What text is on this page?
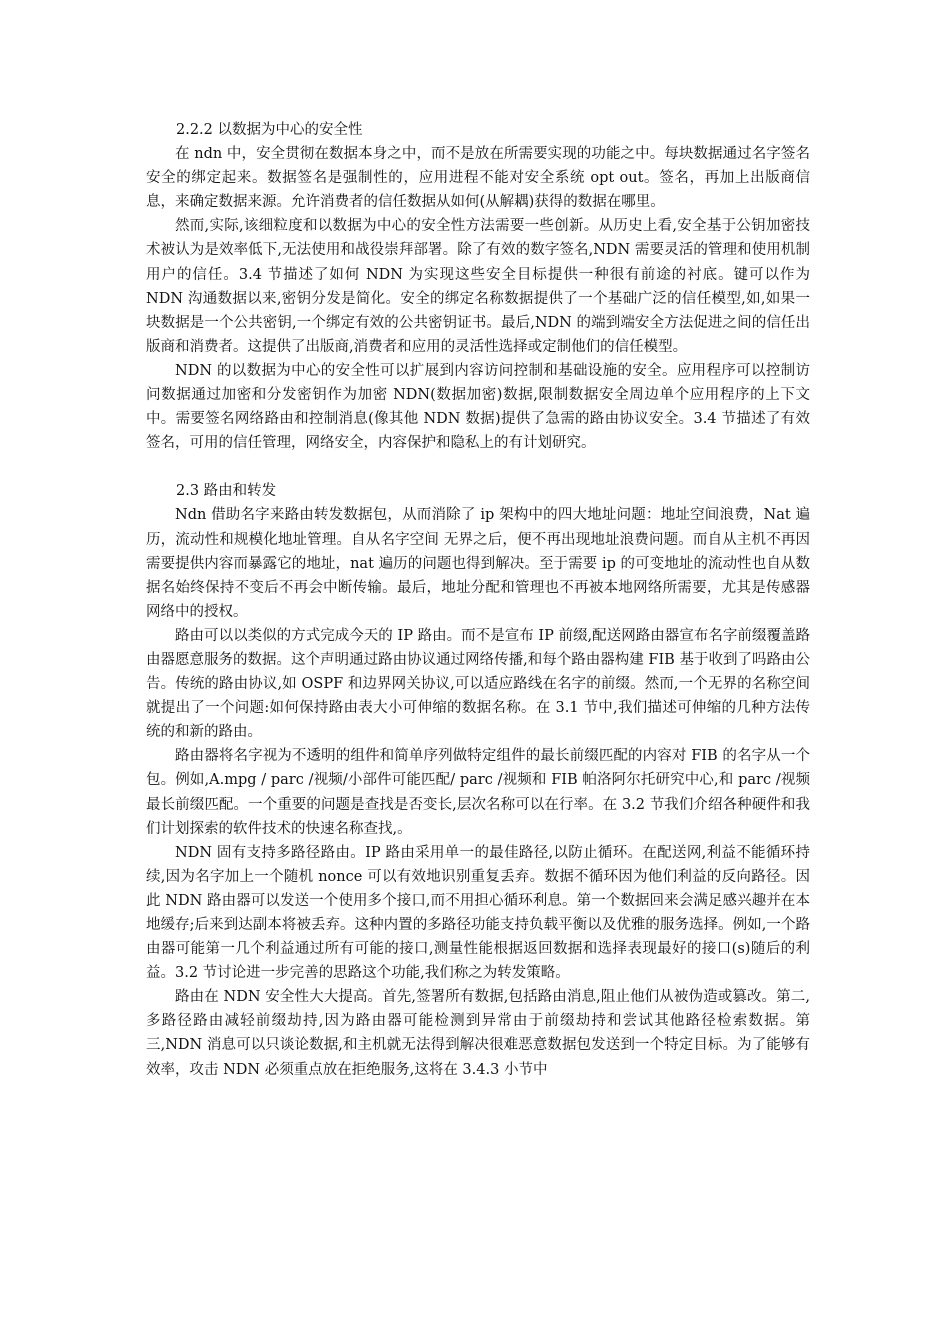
2.2.2 以数据为中心的安全性

在 ndn 中，安全贯彻在数据本身之中，而不是放在所需要实现的功能之中。每块数据通过名字签名安全的绑定起来。数据签名是强制性的，应用进程不能对安全系统 opt out。签名，再加上出版商信息，来确定数据来源。允许消费者的信任数据从如何(从解耦)获得的数据在哪里。

然而,实际,该细粒度和以数据为中心的安全性方法需要一些创新。从历史上看,安全基于公钥加密技术被认为是效率低下,无法使用和战役崇拜部署。除了有效的数字签名,NDN 需要灵活的管理和使用机制用户的信任。3.4 节描述了如何 NDN 为实现这些安全目标提供一种很有前途的衬底。键可以作为 NDN 沟通数据以来,密钥分发是简化。安全的绑定名称数据提供了一个基础广泛的信任模型,如,如果一块数据是一个公共密钥,一个绑定有效的公共密钥证书。最后,NDN 的端到端安全方法促进之间的信任出版商和消费者。这提供了出版商,消费者和应用的灵活性选择或定制他们的信任模型。

NDN 的以数据为中心的安全性可以扩展到内容访问控制和基础设施的安全。应用程序可以控制访问数据通过加密和分发密钥作为加密 NDN(数据加密)数据,限制数据安全周边单个应用程序的上下文中。需要签名网络路由和控制消息(像其他 NDN 数据)提供了急需的路由协议安全。3.4 节描述了有效签名，可用的信任管理，网络安全，内容保护和隐私上的有计划研究。

2.3 路由和转发

Ndn 借助名字来路由转发数据包，从而消除了 ip 架构中的四大地址问题：地址空间浪费，Nat 遍历，流动性和规模化地址管理。自从名字空间 无界之后，便不再出现地址浪费问题。而自从主机不再因需要提供内容而暴露它的地址，nat 遍历的问题也得到解决。至于需要 ip 的可变地址的流动性也自从数据名始终保持不变后不再会中断传输。最后，地址分配和管理也不再被本地网络所需要，尤其是传感器网络中的授权。

路由可以以类似的方式完成今天的 IP 路由。而不是宣布 IP 前缀,配送网路由器宣布名字前缀覆盖路由器愿意服务的数据。这个声明通过路由协议通过网络传播,和每个路由器构建 FIB 基于收到了吗路由公告。传统的路由协议,如 OSPF 和边界网关协议,可以适应路线在名字的前缀。然而,一个无界的名称空间就提出了一个问题:如何保持路由表大小可伸缩的数据名称。在 3.1 节中,我们描述可伸缩的几种方法传统的和新的路由。

路由器将名字视为不透明的组件和简单序列做特定组件的最长前缀匹配的内容对 FIB 的名字从一个包。例如,A.mpg / parc /视频/小部件可能匹配/ parc /视频和 FIB 帕洛阿尔托研究中心,和 parc /视频最长前缀匹配。一个重要的问题是查找是否变长,层次名称可以在行率。在 3.2 节我们介绍各种硬件和我们计划探索的软件技术的快速名称查找,。

NDN 固有支持多路径路由。IP 路由采用单一的最佳路径,以防止循环。在配送网,利益不能循环持续,因为名字加上一个随机 nonce 可以有效地识别重复丢弃。数据不循环因为他们利益的反向路径。因此 NDN 路由器可以发送一个使用多个接口,而不用担心循环利息。第一个数据回来会满足感兴趣并在本地缓存;后来到达副本将被丢弃。这种内置的多路径功能支持负载平衡以及优雅的服务选择。例如,一个路由器可能第一几个利益通过所有可能的接口,测量性能根据返回数据和选择表现最好的接口(s)随后的利益。3.2 节讨论进一步完善的思路这个功能,我们称之为转发策略。

路由在 NDN 安全性大大提高。首先,签署所有数据,包括路由消息,阻止他们从被伪造或篡改。第二,多路径路由减轻前缀劫持,因为路由器可能检测到异常由于前缀劫持和尝试其他路径检索数据。第三,NDN 消息可以只谈论数据,和主机就无法得到解决很难恶意数据包发送到一个特定目标。为了能够有效率，攻击 NDN 必须重点放在拒绝服务,这将在 3.4.3 小节中
